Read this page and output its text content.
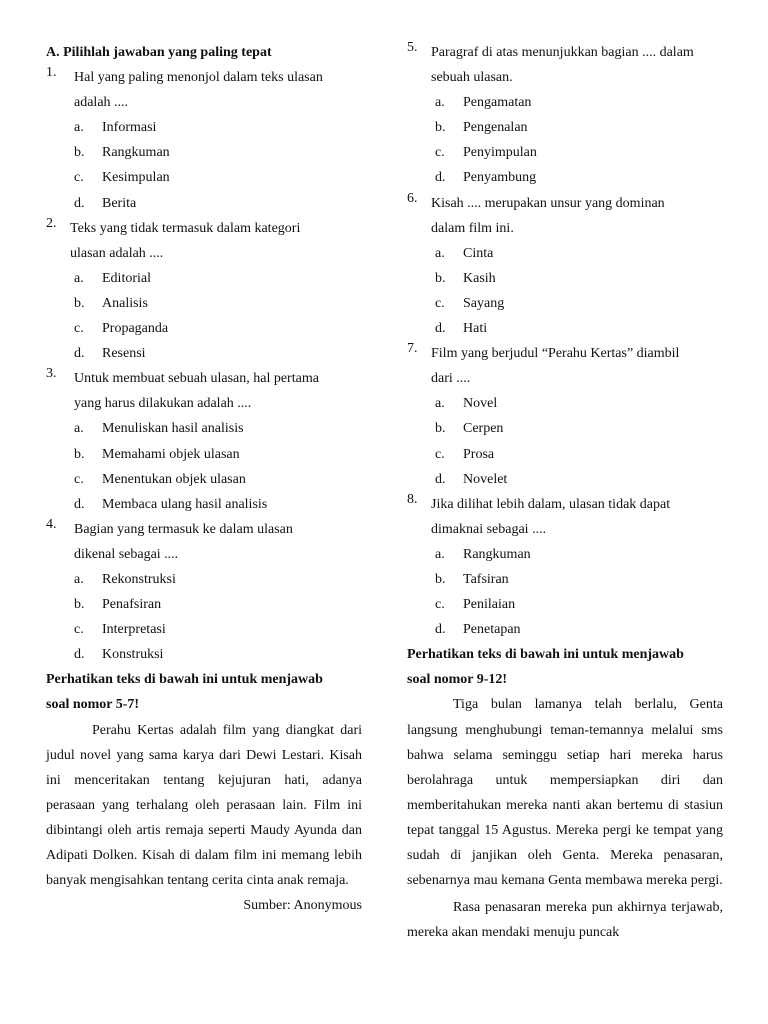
A. Pilihlah jawaban yang paling tepat
1.	Hal yang paling menonjol dalam teks ulasan
adalah ....
a. Informasi
b. Rangkuman
c. Kesimpulan
d. Berita
2. Teks yang tidak termasuk dalam kategori
ulasan adalah ....
a. Editorial
b. Analisis
c. Propaganda
d. Resensi
3.	Untuk membuat sebuah ulasan, hal pertama
yang harus dilakukan adalah ....
a. Menuliskan hasil analisis
b. Memahami objek ulasan
c. Menentukan objek ulasan
d. Membaca ulang hasil analisis
4.	Bagian yang termasuk ke dalam ulasan
dikenal sebagai ....
a. Rekonstruksi
b. Penafsiran
c. Interpretasi
d. Konstruksi
Perhatikan teks di bawah ini untuk menjawab
soal nomor 5-7!

Perahu Kertas adalah film yang diangkat dari judul novel yang sama karya dari Dewi Lestari. Kisah ini menceritakan tentang kejujuran hati, adanya perasaan yang terhalang oleh perasaan lain. Film ini dibintangi oleh artis remaja seperti Maudy Ayunda dan Adipati Dolken. Kisah di dalam film ini memang lebih banyak mengisahkan tentang cerita cinta anak remaja.

Sumber: Anonymous
5. Paragraf di atas menunjukkan bagian .... dalam
sebuah ulasan.
a. Pengamatan
b. Pengenalan
c. Penyimpulan
d. Penyambung
6. Kisah .... merupakan unsur yang dominan
dalam film ini.
a. Cinta
b. Kasih
c. Sayang
d. Hati
7. Film yang berjudul “Perahu Kertas” diambil
dari ....
a. Novel
b. Cerpen
c. Prosa
d. Novelet
8. Jika dilihat lebih dalam, ulasan tidak dapat
dimaknai sebagai ....
a. Rangkuman
b. Tafsiran
c. Penilaian
d. Penetapan
Perhatikan teks di bawah ini untuk menjawab
soal nomor 9-12!

Tiga bulan lamanya telah berlalu, Genta langsung menghubungi teman-temannya melalui sms bahwa selama seminggu setiap hari mereka harus berolahraga untuk mempersiapkan diri dan memberitahukan mereka nanti akan bertemu di stasiun tepat tanggal 15 Agustus. Mereka pergi ke tempat yang sudah di janjikan oleh Genta. Mereka penasaran, sebenarnya mau kemana Genta membawa mereka pergi.

Rasa penasaran mereka pun akhirnya terjawab, mereka akan mendaki menuju puncak
